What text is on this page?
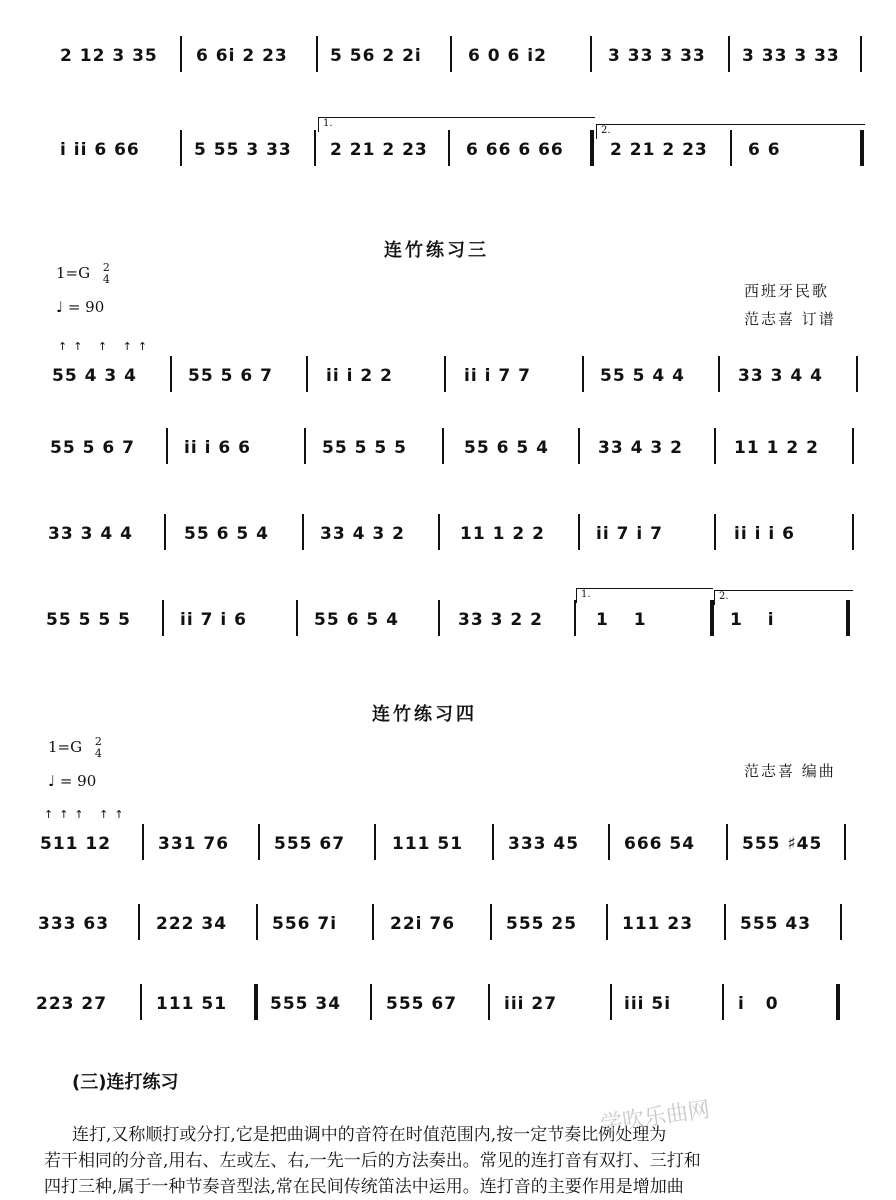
2 12 3 35 6 6i 2 23 5 56 2 2i	6 0 6 i2	3 33 3 33 3 33 3 33
1.
2.
i ii 6 66	5 55 3 33 2 21 2 23 6 66 6 66	2 21 2 23 6 6
连竹练习三
1=G 2
4
♩ = 90
西班牙民歌
范志喜 订谱
↑↑ ↑ ↑↑
55 4 3 4	55 5 6 7	ii i 2 2	ii i 7 7	55 5 4 4	33 3 4 4
55 5 6 7	ii i 6 6	55 5 5 5	55 6 5 4	33 4 3 2	11 1 2 2
33 3 4 4	55 6 5 4	33 4 3 2	11 1 2 2	ii 7 i 7	ii i i 6
1.	2.
55 5 5 5	ii 7 i 6	55 6 5 4	33 3 2 2	1 1	1 i
连竹练习四
1=G 2
4
♩ = 90
范志喜 编曲
↑↑↑ ↑↑
511 12	331 76	555 67	111 51	333 45	666 54	555 ♯45
333 63	222 34	556 7i	22i 76	555 25	111 23	555 43
223 27	111 51	555 34	555 67	iii 27	iii 5i	i 0
(三)连打练习
连打,又称顺打或分打,它是把曲调中的音符在时值范围内,按一定节奏比例处理为
若干相同的分音,用右、左或左、右,一先一后的方法奏出。常见的连打音有双打、三打和
四打三种,属于一种节奏音型法,常在民间传统笛法中运用。连打音的主要作用是增加曲
学吹乐曲网
